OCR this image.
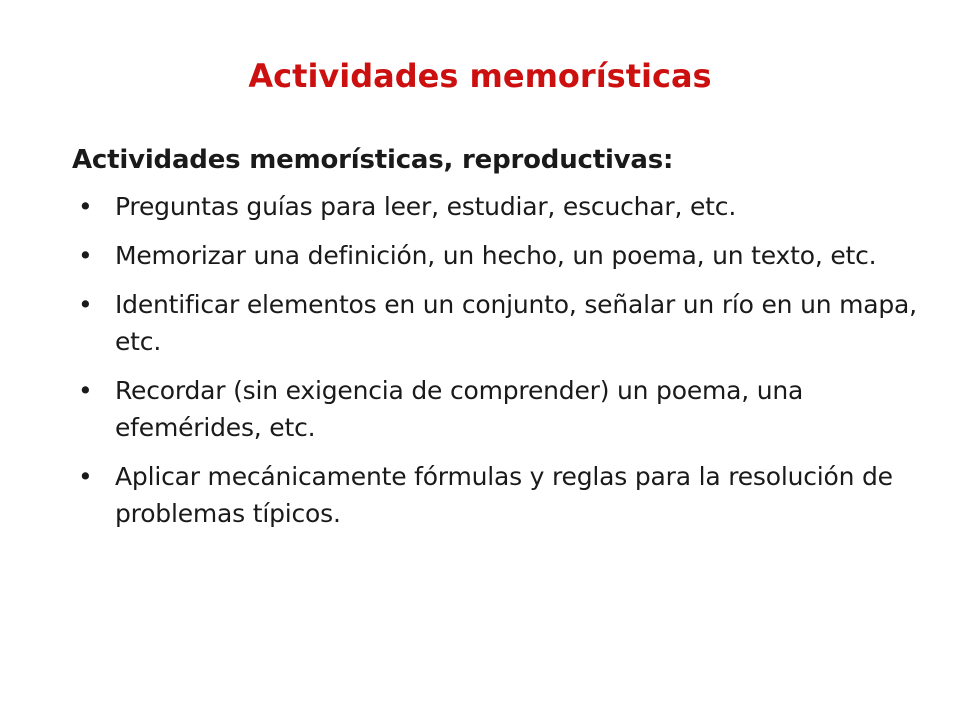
Actividades memorísticas

Actividades memorísticas, reproductivas:

• Preguntas guías para leer, estudiar, escuchar, etc.
• Memorizar una definición, un hecho, un poema, un texto, etc.
• Identificar elementos en un conjunto, señalar un río en un mapa, etc.
• Recordar (sin exigencia de comprender) un poema, una efemérides, etc.
• Aplicar mecánicamente fórmulas y reglas para la resolución de problemas típicos.
